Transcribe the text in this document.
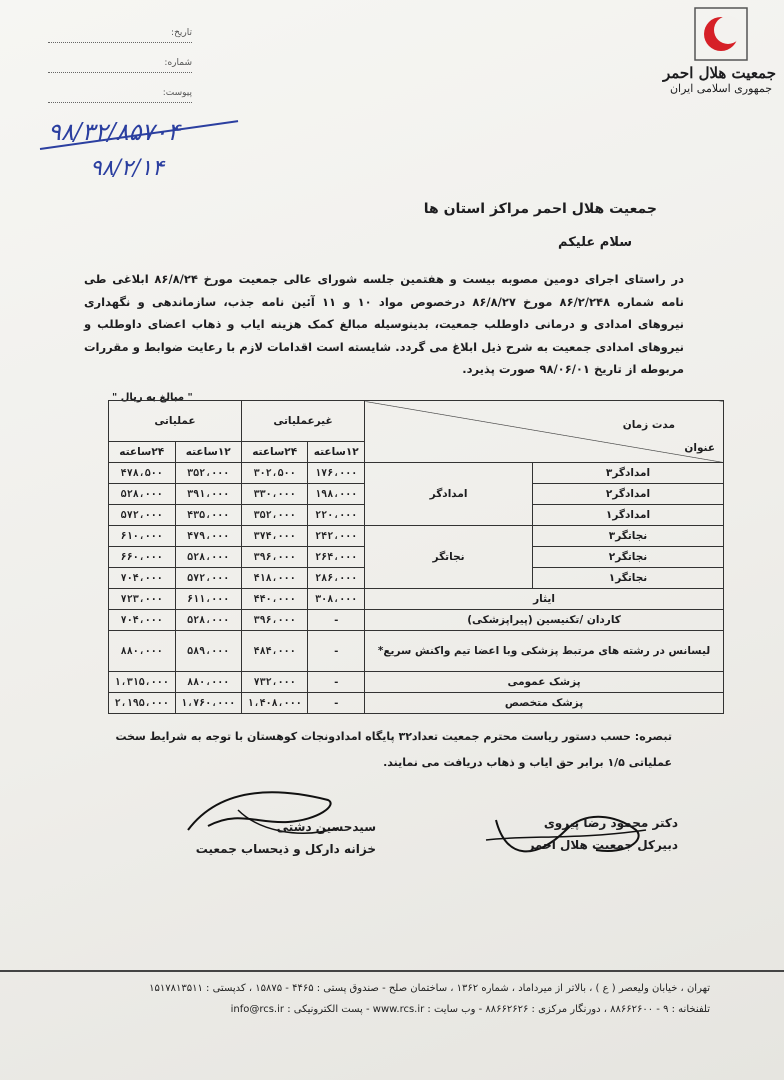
جمعیت هلال احمر
جمهوری اسلامی ایران
تاریخ:
شماره:
پیوست:
۹۸/۳۲/۸۵۷۰۴
۹۸/۲/۱۴
جمعیت هلال احمر مراکز استان ها
سلام علیکم
در راستای اجرای دومین مصوبه بیست و هفتمین جلسه شورای عالی جمعیت مورخ ۸۶/۸/۲۴ ابلاغی طی نامه شماره ۸۶/۲/۲۴۸ مورخ ۸۶/۸/۲۷ درخصوص مواد ۱۰ و ۱۱ آئین نامه جذب، سازماندهی و نگهداری نیروهای امدادی و درمانی داوطلب جمعیت، بدینوسیله مبالغ کمک هزینه ایاب و ذهاب اعضای داوطلب و نیروهای امدادی جمعیت به شرح ذیل ابلاغ می گردد. شایسته است اقدامات لازم با رعایت ضوابط و مقررات مربوطه از تاریخ ۹۸/۰۶/۰۱ صورت پذیرد.
" مبالغ به ریال "
مدت زمان
عنوان		غیرعملیاتی		عملیاتی	
		۱۲ساعته	۲۴ساعته	۱۲ساعته	۲۴ساعته
امدادگر۳	امدادگر	۱۷۶،۰۰۰	۳۰۲،۵۰۰	۳۵۲،۰۰۰	۴۷۸،۵۰۰
امدادگر۲		۱۹۸،۰۰۰	۳۳۰،۰۰۰	۳۹۱،۰۰۰	۵۲۸،۰۰۰
امدادگر۱		۲۲۰،۰۰۰	۳۵۲،۰۰۰	۴۳۵،۰۰۰	۵۷۲،۰۰۰
نجاتگر۳	نجاتگر	۲۴۲،۰۰۰	۳۷۴،۰۰۰	۴۷۹،۰۰۰	۶۱۰،۰۰۰
نجاتگر۲		۲۶۴،۰۰۰	۳۹۶،۰۰۰	۵۲۸،۰۰۰	۶۶۰،۰۰۰
نجاتگر۱		۲۸۶،۰۰۰	۴۱۸،۰۰۰	۵۷۲،۰۰۰	۷۰۴،۰۰۰
ایثار		۳۰۸،۰۰۰	۴۴۰،۰۰۰	۶۱۱،۰۰۰	۷۲۳،۰۰۰
کاردان /تکنیسین (پیراپزشکی)		-	۳۹۶،۰۰۰	۵۲۸،۰۰۰	۷۰۴،۰۰۰
لیسانس در رشته های مرتبط پزشکی وبا اعضا تیم واکنش سریع*		-	۴۸۴،۰۰۰	۵۸۹،۰۰۰	۸۸۰،۰۰۰
پزشک عمومی		-	۷۳۲،۰۰۰	۸۸۰،۰۰۰	۱،۳۱۵،۰۰۰
پزشک متخصص		-	۱،۴۰۸،۰۰۰	۱،۷۶۰،۰۰۰	۲،۱۹۵،۰۰۰
تبصره: حسب دستور ریاست محترم جمعیت تعداد۳۲ پایگاه امدادونجات کوهستان با توجه به شرایط سخت عملیاتی ۱/۵ برابر حق ایاب و ذهاب دریافت می نمایند.
سیدحسین دشتی
خزانه دارکل و ذیحساب جمعیت
دکتر محمود رضا پیروی
دبیرکل جمعیت هلال احمر
تهران ، خیابان ولیعصر ( ع ) ، بالاتر از میرداماد ، شماره ۱۳۶۲ ، ساختمان صلح - صندوق پستی : ۴۴۶۵ - ۱۵۸۷۵ ، کدپستی : ۱۵۱۷۸۱۳۵۱۱
تلفنخانه : ۹ - ۸۸۶۶۲۶۰۰ ، دورنگار مرکزی : ۸۸۶۶۲۶۲۶ - وب سایت : www.rcs.ir - پست الکترونیکی : info@rcs.ir
